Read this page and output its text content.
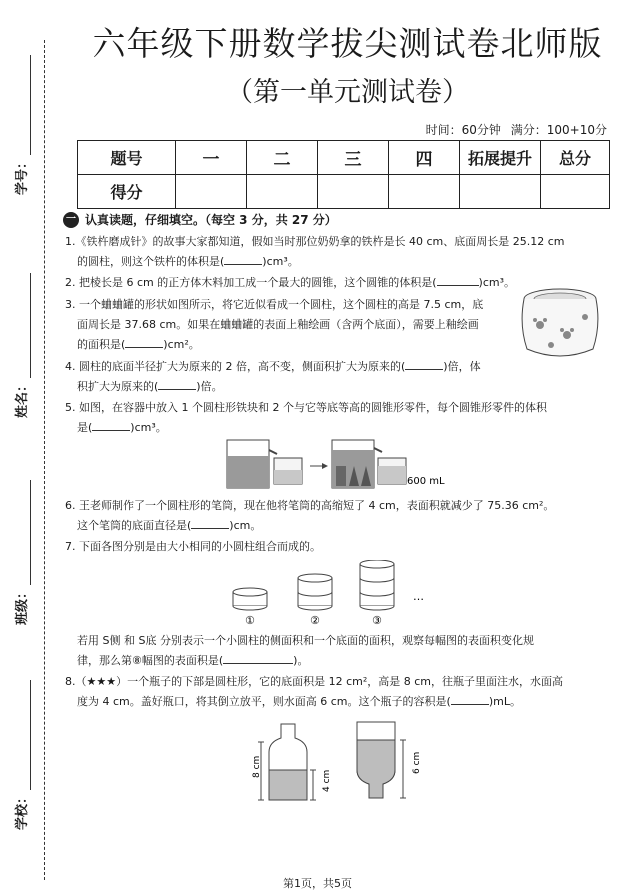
学号：
姓名：
班级：
学校：
六年级下册数学拔尖测试卷北师版
（第一单元测试卷）
时间：60分钟 满分：100+10分
题号	一	二	三	四	拓展提升	总分
得分						
一 认真读题，仔细填空。（每空 3 分，共 27 分）
1.《铁杵磨成针》的故事大家都知道，假如当时那位奶奶拿的铁杵是长 40 cm、底面周长是 25.12 cm
的圆柱，则这个铁杵的体积是(	)cm³。
2. 把棱长是 6 cm 的正方体木料加工成一个最大的圆锥，这个圆锥的体积是(	)cm³。
3. 一个蛐蛐罐的形状如图所示，将它近似看成一个圆柱，这个圆柱的高是 7.5 cm，底
面周长是 37.68 cm。如果在蛐蛐罐的表面上釉绘画（含两个底面），需要上釉绘画
的面积是(	)cm²。
4. 圆柱的底面半径扩大为原来的 2 倍，高不变，侧面积扩大为原来的(	)倍，体
积扩大为原来的(	)倍。
5. 如图，在容器中放入 1 个圆柱形铁块和 2 个与它等底等高的圆锥形零件，每个圆锥形零件的体积
是(	)cm³。
600 mL
6. 王老师制作了一个圆柱形的笔筒，现在他将笔筒的高缩短了 4 cm，表面积就减少了 75.36 cm²。
这个笔筒的底面直径是(	)cm。
7. 下面各图分别是由大小相同的小圆柱组合而成的。
①	②	③
…
若用 S侧 和 S底 分别表示一个小圆柱的侧面积和一个底面的面积，观察每幅图的表面积变化规
律，那么第⑧幅图的表面积是(	)。
8.（★★★）一个瓶子的下部是圆柱形，它的底面积是 12 cm²，高是 8 cm，往瓶子里面注水，水面高
度为 4 cm。盖好瓶口，将其倒立放平，则水面高 6 cm。这个瓶子的容积是(	)mL。
8 cm
4 cm
6 cm
第1页，共5页
